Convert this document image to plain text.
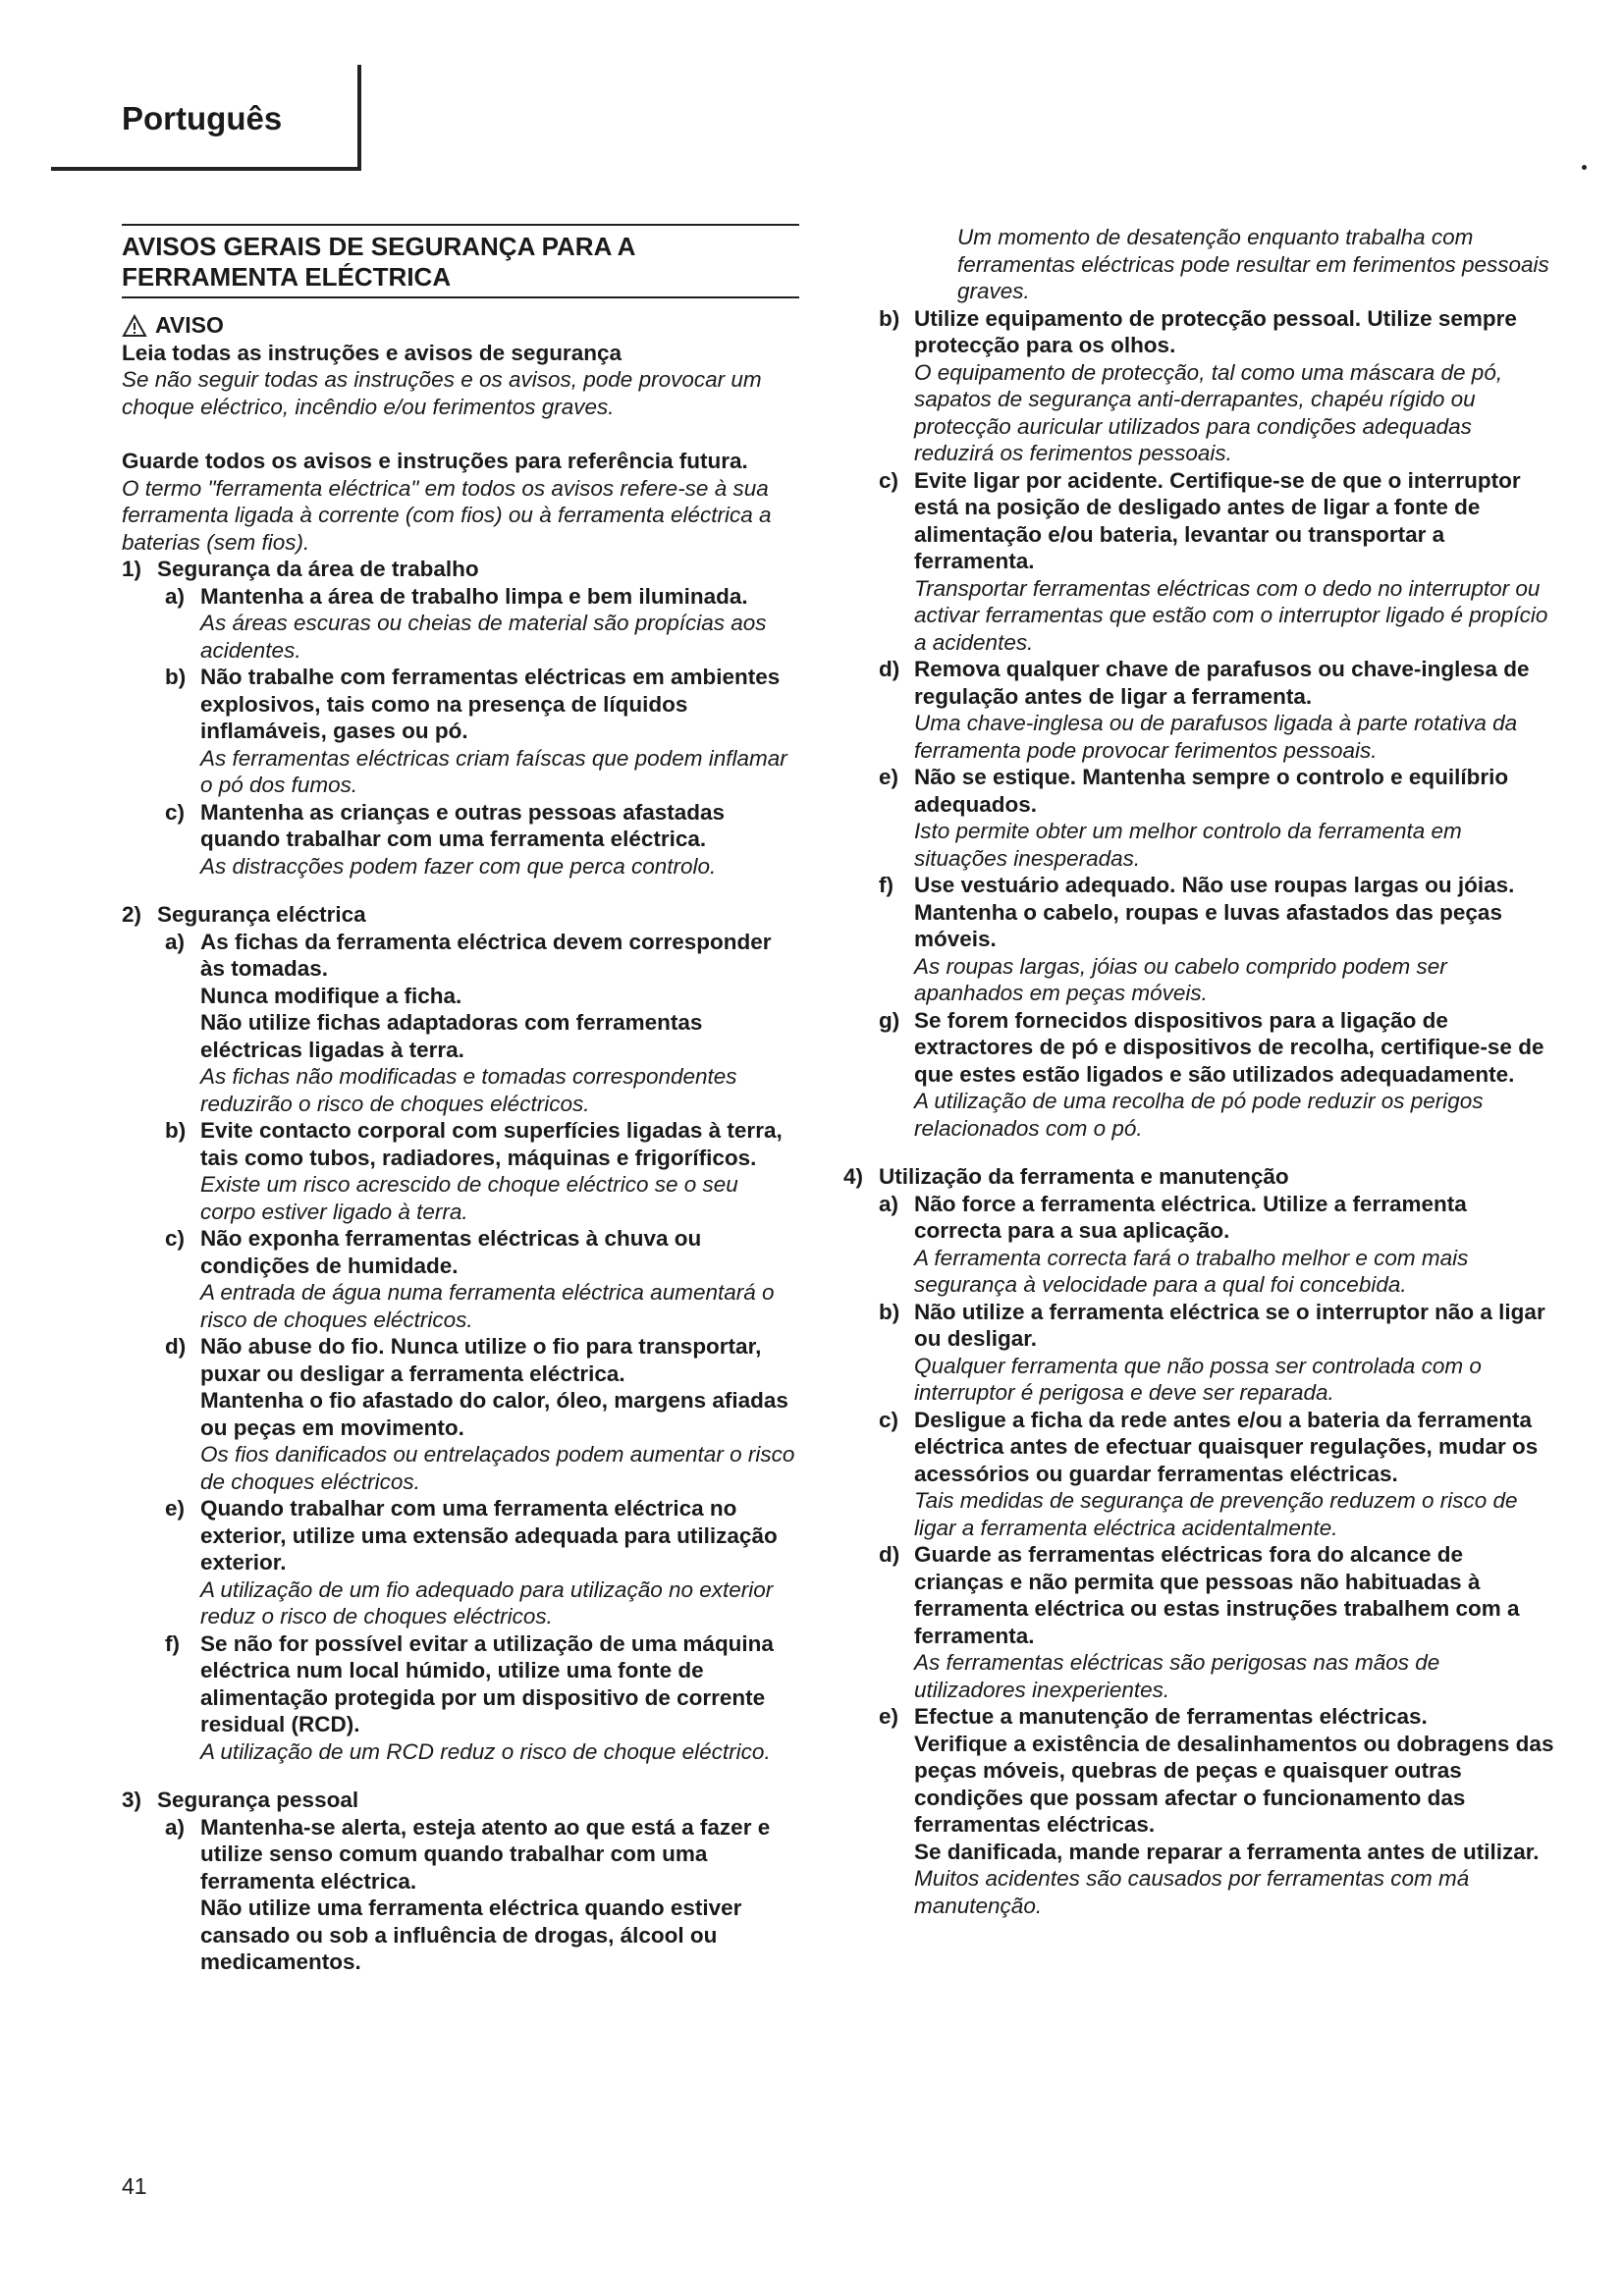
Português
AVISOS GERAIS DE SEGURANÇA PARA A FERRAMENTA ELÉCTRICA
AVISO

Leia todas as instruções e avisos de segurança

Se não seguir todas as instruções e os avisos, pode provocar um choque eléctrico, incêndio e/ou ferimentos graves.

Guarde todos os avisos e instruções para referência futura.

O termo "ferramenta eléctrica" em todos os avisos refere-se à sua ferramenta ligada à corrente (com fios) ou à ferramenta eléctrica a baterias (sem fios).

1) Segurança da área de trabalho
a) Mantenha a área de trabalho limpa e bem iluminada.

As áreas escuras ou cheias de material são propícias aos acidentes.

b) Não trabalhe com ferramentas eléctricas em ambientes explosivos, tais como na presença de líquidos inflamáveis, gases ou pó.

As ferramentas eléctricas criam faíscas que podem inflamar o pó dos fumos.

c) Mantenha as crianças e outras pessoas afastadas quando trabalhar com uma ferramenta eléctrica.

As distracções podem fazer com que perca controlo.

2) Segurança eléctrica
a) As fichas da ferramenta eléctrica devem corresponder às tomadas.

Nunca modifique a ficha.

Não utilize fichas adaptadoras com ferramentas eléctricas ligadas à terra.

As fichas não modificadas e tomadas correspondentes reduzirão o risco de choques eléctricos.

b) Evite contacto corporal com superfícies ligadas à terra, tais como tubos, radiadores, máquinas e frigoríficos.

Existe um risco acrescido de choque eléctrico se o seu corpo estiver ligado à terra.

c) Não exponha ferramentas eléctricas à chuva ou condições de humidade.

A entrada de água numa ferramenta eléctrica aumentará o risco de choques eléctricos.

d) Não abuse do fio. Nunca utilize o fio para transportar, puxar ou desligar a ferramenta eléctrica.

Mantenha o fio afastado do calor, óleo, margens afiadas ou peças em movimento.

Os fios danificados ou entrelaçados podem aumentar o risco de choques eléctricos.

e) Quando trabalhar com uma ferramenta eléctrica no exterior, utilize uma extensão adequada para utilização exterior.

A utilização de um fio adequado para utilização no exterior reduz o risco de choques eléctricos.

f) Se não for possível evitar a utilização de uma máquina eléctrica num local húmido, utilize uma fonte de alimentação protegida por um dispositivo de corrente residual (RCD).

A utilização de um RCD reduz o risco de choque eléctrico.

3) Segurança pessoal
a) Mantenha-se alerta, esteja atento ao que está a fazer e utilize senso comum quando trabalhar com uma ferramenta eléctrica.

Não utilize uma ferramenta eléctrica quando estiver cansado ou sob a influência de drogas, álcool ou medicamentos.

Um momento de desatenção enquanto trabalha com ferramentas eléctricas pode resultar em ferimentos pessoais graves.

b) Utilize equipamento de protecção pessoal. Utilize sempre protecção para os olhos.

O equipamento de protecção, tal como uma máscara de pó, sapatos de segurança anti-derrapantes, chapéu rígido ou protecção auricular utilizados para condições adequadas reduzirá os ferimentos pessoais.

c) Evite ligar por acidente. Certifique-se de que o interruptor está na posição de desligado antes de ligar a fonte de alimentação e/ou bateria, levantar ou transportar a ferramenta.

Transportar ferramentas eléctricas com o dedo no interruptor ou activar ferramentas que estão com o interruptor ligado é propício a acidentes.

d) Remova qualquer chave de parafusos ou chave-inglesa de regulação antes de ligar a ferramenta.

Uma chave-inglesa ou de parafusos ligada à parte rotativa da ferramenta pode provocar ferimentos pessoais.

e) Não se estique. Mantenha sempre o controlo e equilíbrio adequados.

Isto permite obter um melhor controlo da ferramenta em situações inesperadas.

f) Use vestuário adequado. Não use roupas largas ou jóias. Mantenha o cabelo, roupas e luvas afastados das peças móveis.

As roupas largas, jóias ou cabelo comprido podem ser apanhados em peças móveis.

g) Se forem fornecidos dispositivos para a ligação de extractores de pó e dispositivos de recolha, certifique-se de que estes estão ligados e são utilizados adequadamente.

A utilização de uma recolha de pó pode reduzir os perigos relacionados com o pó.

4) Utilização da ferramenta e manutenção
a) Não force a ferramenta eléctrica. Utilize a ferramenta correcta para a sua aplicação.

A ferramenta correcta fará o trabalho melhor e com mais segurança à velocidade para a qual foi concebida.

b) Não utilize a ferramenta eléctrica se o interruptor não a ligar ou desligar.

Qualquer ferramenta que não possa ser controlada com o interruptor é perigosa e deve ser reparada.

c) Desligue a ficha da rede antes e/ou a bateria da ferramenta eléctrica antes de efectuar quaisquer regulações, mudar os acessórios ou guardar ferramentas eléctricas.

Tais medidas de segurança de prevenção reduzem o risco de ligar a ferramenta eléctrica acidentalmente.

d) Guarde as ferramentas eléctricas fora do alcance de crianças e não permita que pessoas não habituadas à ferramenta eléctrica ou estas instruções trabalhem com a ferramenta.

As ferramentas eléctricas são perigosas nas mãos de utilizadores inexperientes.

e) Efectue a manutenção de ferramentas eléctricas.

Verifique a existência de desalinhamentos ou dobragens das peças móveis, quebras de peças e quaisquer outras condições que possam afectar o funcionamento das ferramentas eléctricas.

Se danificada, mande reparar a ferramenta antes de utilizar.

Muitos acidentes são causados por ferramentas com má manutenção.

41
